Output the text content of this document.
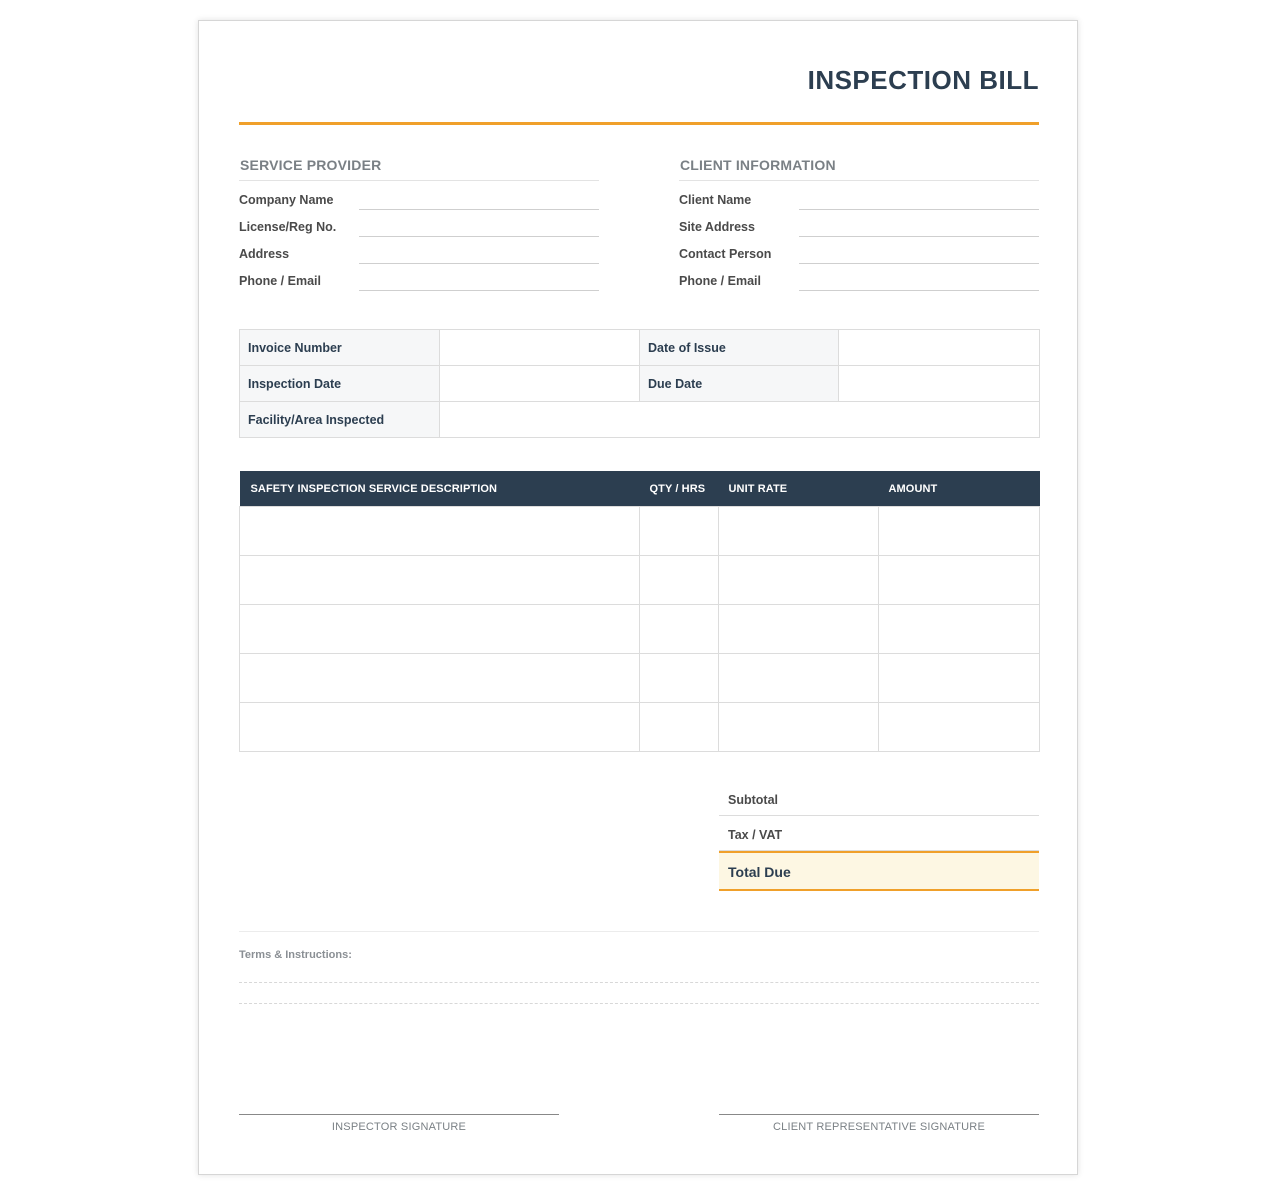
INSPECTION BILL
SERVICE PROVIDER
Company Name
License/Reg No.
Address
Phone / Email
CLIENT INFORMATION
Client Name
Site Address
Contact Person
Phone / Email
Invoice Number		Date of Issue	
Inspection Date		Due Date	
Facility/Area Inspected			
SAFETY INSPECTION SERVICE DESCRIPTION	QTY / HRS	UNIT RATE	AMOUNT

Subtotal
Tax / VAT
Total Due
Terms & Instructions:
INSPECTOR SIGNATURE	CLIENT REPRESENTATIVE SIGNATURE
